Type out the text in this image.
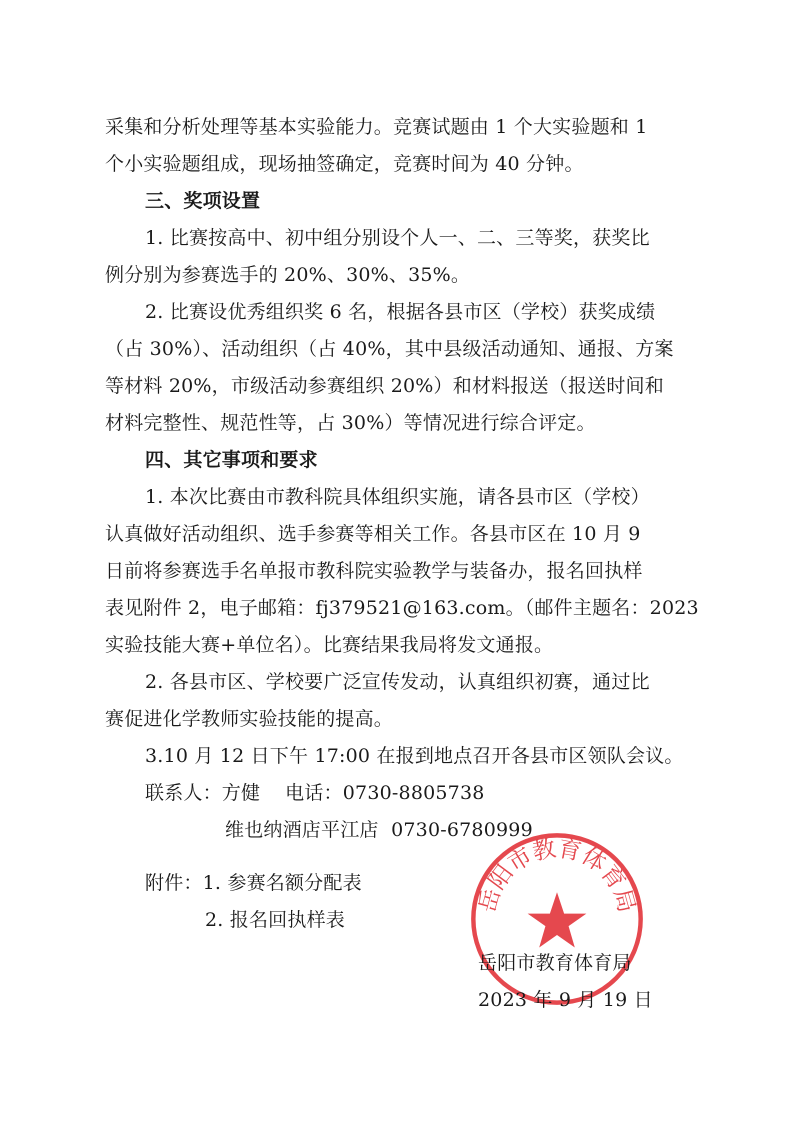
采集和分析处理等基本实验能力。竞赛试题由 1 个大实验题和 1
个小实验题组成，现场抽签确定，竞赛时间为 40 分钟。
三、奖项设置
1. 比赛按高中、初中组分别设个人一、二、三等奖，获奖比
例分别为参赛选手的 20%、30%、35%。
2. 比赛设优秀组织奖 6 名，根据各县市区（学校）获奖成绩
（占 30%）、活动组织（占 40%，其中县级活动通知、通报、方案
等材料 20%，市级活动参赛组织 20%）和材料报送（报送时间和
材料完整性、规范性等，占 30%）等情况进行综合评定。
四、其它事项和要求
1. 本次比赛由市教科院具体组织实施，请各县市区（学校）
认真做好活动组织、选手参赛等相关工作。各县市区在 10 月 9
日前将参赛选手名单报市教科院实验教学与装备办，报名回执样
表见附件 2，电子邮箱：fj379521@163.com。（邮件主题名：2023
实验技能大赛+单位名）。比赛结果我局将发文通报。
2. 各县市区、学校要广泛宣传发动，认真组织初赛，通过比
赛促进化学教师实验技能的提高。
3.10 月 12 日下午 17:00 在报到地点召开各县市区领队会议。
联系人：方健    电话：0730-8805738
维也纳酒店平江店  0730-6780999
附件：1. 参赛名额分配表
2. 报名回执样表
岳阳市教育体育局
岳阳市教育体育局
2023 年 9 月 19 日
